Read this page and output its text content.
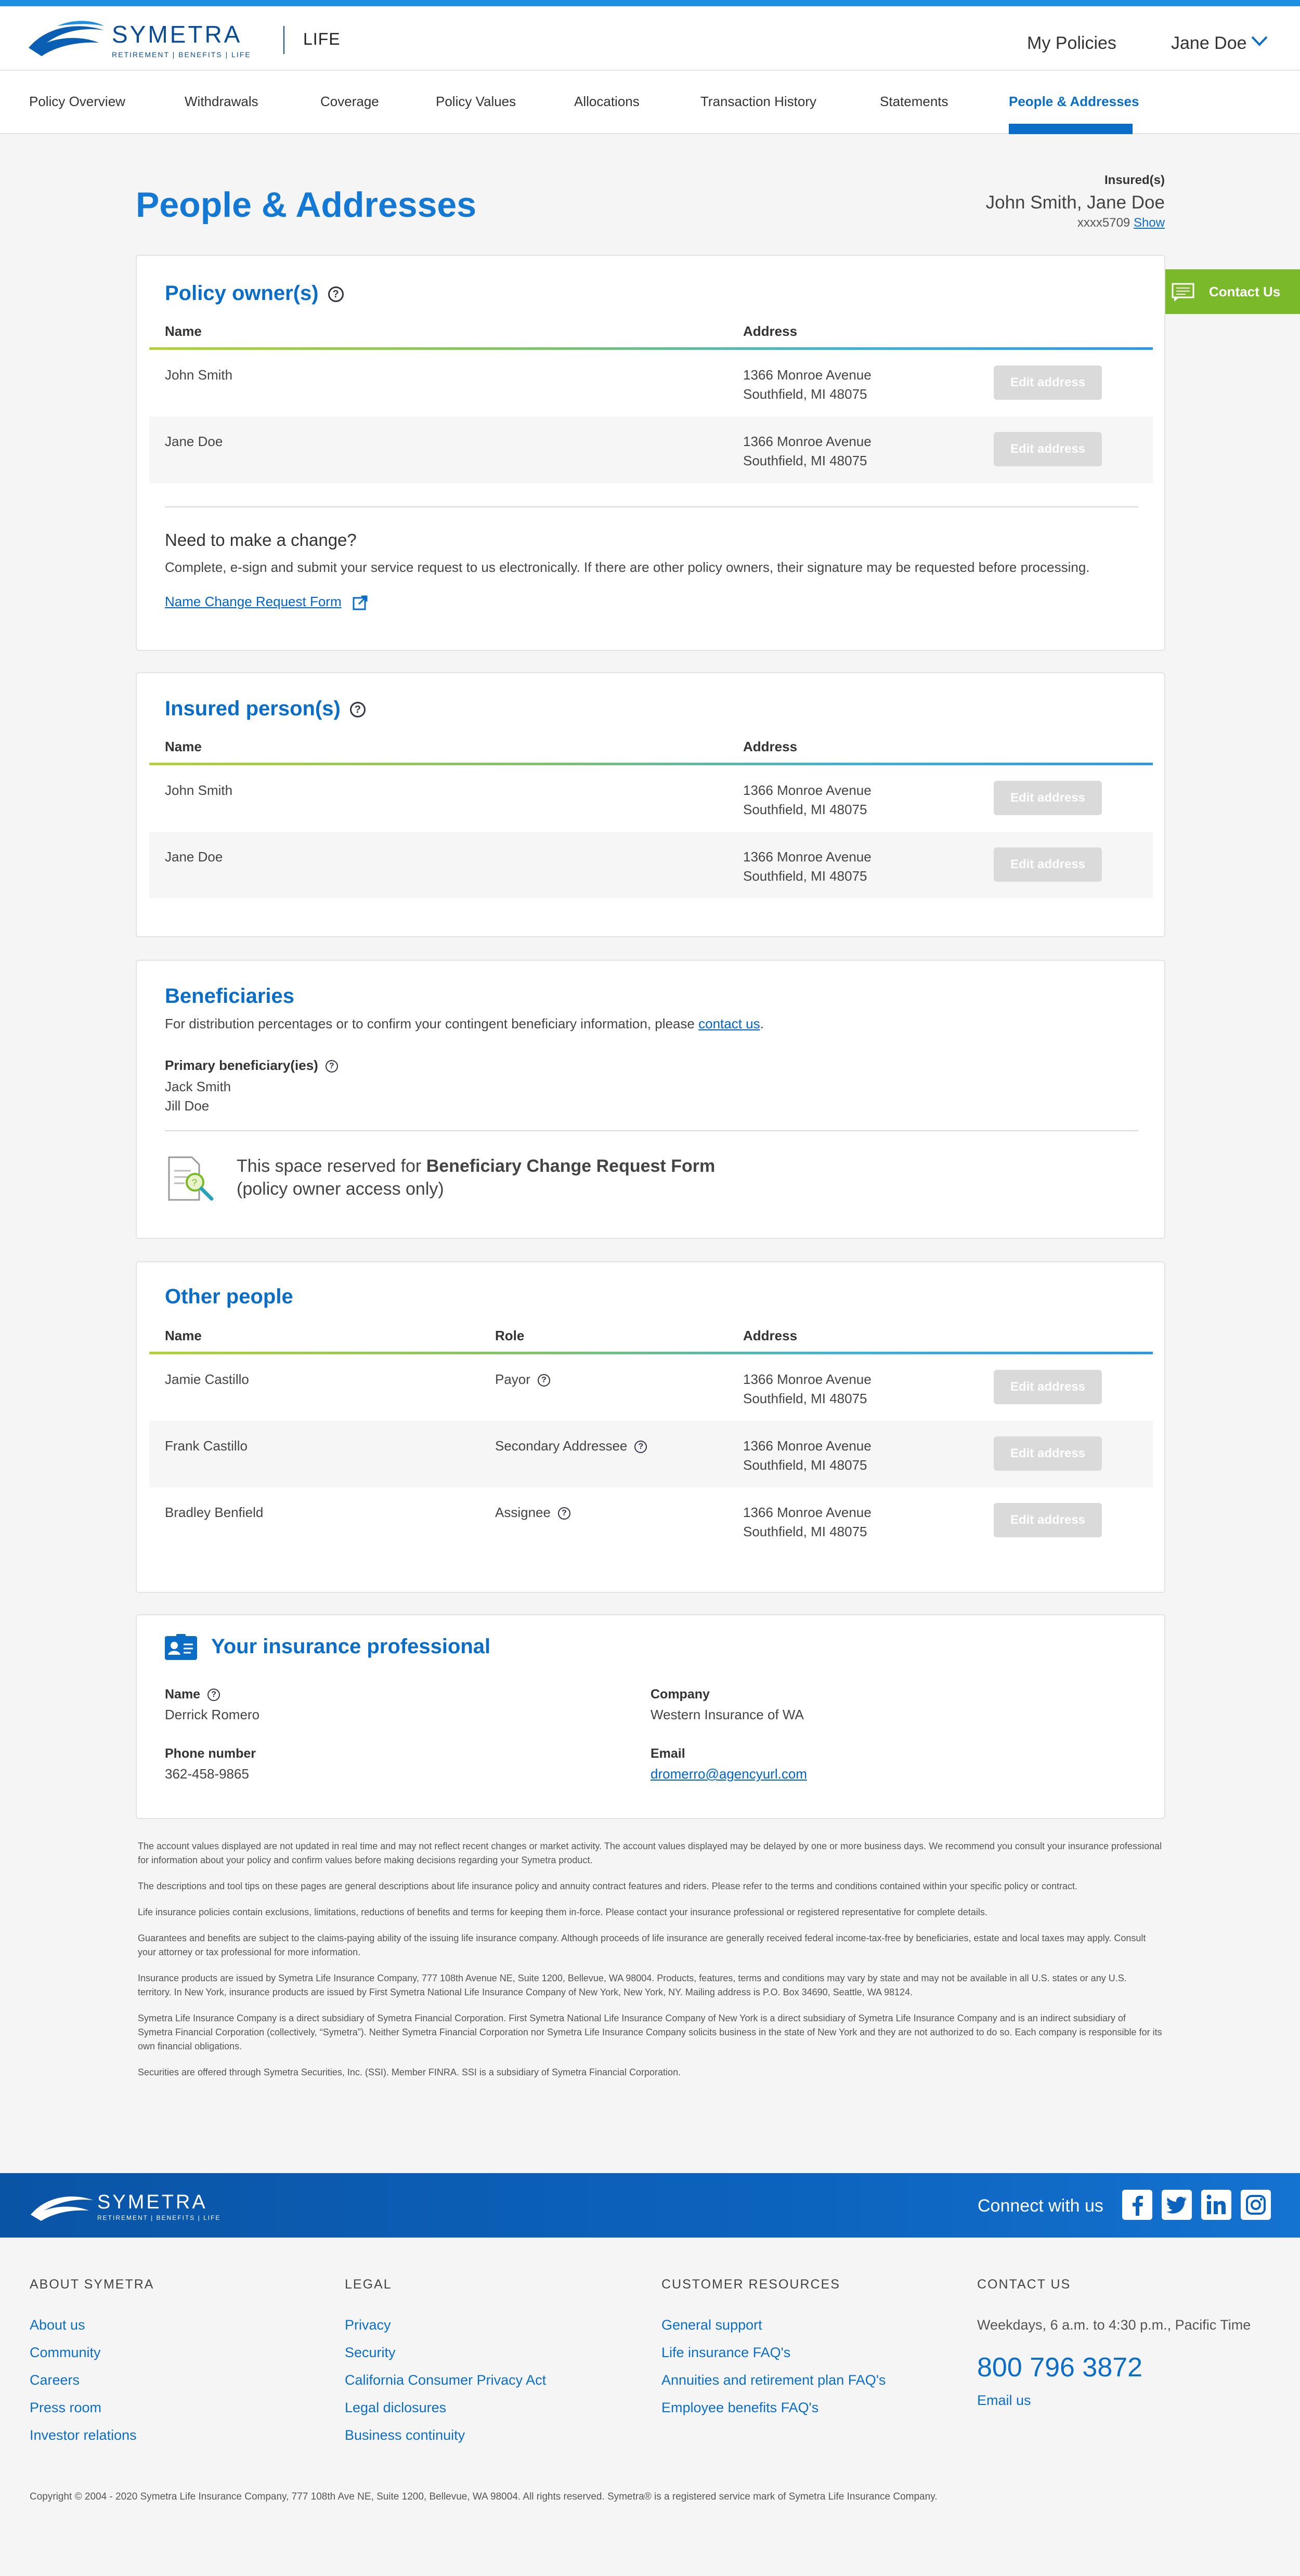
SYMETRA
RETIREMENT | BENEFITS | LIFE
LIFE	My Policies	Jane Doe
Policy Overview	Withdrawals	Coverage	Policy Values	Allocations	Transaction History	Statements	People & Addresses
People & Addresses
Insured(s)
John Smith, Jane Doe
xxxx5709 Show
Contact Us
Policy owner(s) ?
Name	Address
John Smith	1366 Monroe Avenue
Southfield, MI 48075
Edit address
Jane Doe	1366 Monroe Avenue
Southfield, MI 48075
Edit address
Need to make a change?
Complete, e-sign and submit your service request to us electronically. If there are other policy owners, their signature may be requested before processing.
Name Change Request Form
Insured person(s) ?
Name	Address
John Smith	1366 Monroe Avenue
Southfield, MI 48075
Edit address
Jane Doe	1366 Monroe Avenue
Southfield, MI 48075
Edit address
Beneficiaries
For distribution percentages or to confirm your contingent beneficiary information, please contact us.
Primary beneficiary(ies) ?
Jack Smith
Jill Doe
?
This space reserved for Beneficiary Change Request Form
(policy owner access only)
Other people
Name	Role	Address
Jamie Castillo	Payor ?	1366 Monroe Avenue
Southfield, MI 48075
Edit address
Frank Castillo	Secondary Addressee ?	1366 Monroe Avenue
Southfield, MI 48075
Edit address
Bradley Benfield	Assignee ?	1366 Monroe Avenue
Southfield, MI 48075
Edit address
Your insurance professional
Name ?
Derrick Romero
Company
Western Insurance of WA
Phone number
362-458-9865
Email
dromerro@agencyurl.com

The account values displayed are not updated in real time and may not reflect recent changes or market activity. The account values displayed may be delayed by one or more business days. We recommend you consult your insurance professional for information about your policy and confirm values before making decisions regarding your Symetra product.

The descriptions and tool tips on these pages are general descriptions about life insurance policy and annuity contract features and riders. Please refer to the terms and conditions contained within your specific policy or contract.

Life insurance policies contain exclusions, limitations, reductions of benefits and terms for keeping them in-force. Please contact your insurance professional or registered representative for complete details.

Guarantees and benefits are subject to the claims-paying ability of the issuing life insurance company. Although proceeds of life insurance are generally received federal income-tax-free by beneficiaries, estate and local taxes may apply. Consult your attorney or tax professional for more information.

Insurance products are issued by Symetra Life Insurance Company, 777 108th Avenue NE, Suite 1200, Bellevue, WA 98004. Products, features, terms and conditions may vary by state and may not be available in all U.S. states or any U.S. territory. In New York, insurance products are issued by First Symetra National Life Insurance Company of New York, New York, NY. Mailing address is P.O. Box 34690, Seattle, WA 98124.

Symetra Life Insurance Company is a direct subsidiary of Symetra Financial Corporation. First Symetra National Life Insurance Company of New York is a direct subsidiary of Symetra Life Insurance Company and is an indirect subsidiary of Symetra Financial Corporation (collectively, “Symetra”). Neither Symetra Financial Corporation nor Symetra Life Insurance Company solicits business in the state of New York and they are not authorized to do so. Each company is responsible for its own financial obligations.

Securities are offered through Symetra Securities, Inc. (SSI). Member FINRA. SSI is a subsidiary of Symetra Financial Corporation.

SYMETRA
RETIREMENT | BENEFITS | LIFE
Connect with us
ABOUT SYMETRA
About us
Community
Careers
Press room
Investor relations
LEGAL
Privacy
Security
California Consumer Privacy Act
Legal diclosures
Business continuity
CUSTOMER RESOURCES
General support
Life insurance FAQ's
Annuities and retirement plan FAQ's
Employee benefits FAQ's
CONTACT US
Weekdays, 6 a.m. to 4:30 p.m., Pacific Time
800 796 3872
Email us
Copyright © 2004 - 2020 Symetra Life Insurance Company, 777 108th Ave NE, Suite 1200, Bellevue, WA 98004. All rights reserved. Symetra® is a registered service mark of Symetra Life Insurance Company.
